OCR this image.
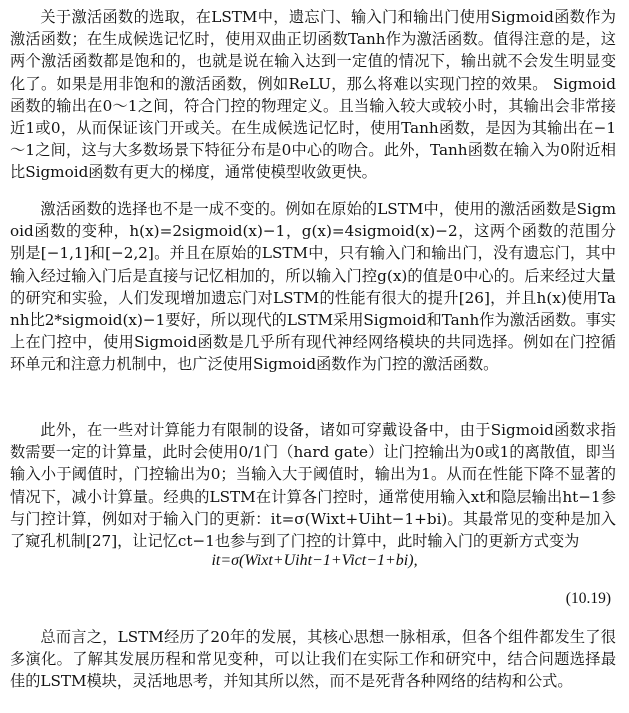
关于激活函数的选取，在LSTM中，遗忘门、输入门和输出门使用Sigmoid函数作为激活函数；在生成候选记忆时，使用双曲正切函数Tanh作为激活函数。值得注意的是，这两个激活函数都是饱和的，也就是说在输入达到一定值的情况下，输出就不会发生明显变化了。如果是用非饱和的激活函数，例如ReLU，那么将难以实现门控的效果。 Sigmoid函数的输出在0～1之间，符合门控的物理定义。且当输入较大或较小时，其输出会非常接近1或0，从而保证该门开或关。在生成候选记忆时，使用Tanh函数，是因为其输出在−1～1之间，这与大多数场景下特征分布是0中心的吻合。此外，Tanh函数在输入为0附近相比Sigmoid函数有更大的梯度，通常使模型收敛更快。

激活函数的选择也不是一成不变的。例如在原始的LSTM中，使用的激活函数是Sigmoid函数的变种，h(x)=2sigmoid(x)−1，g(x)=4sigmoid(x)−2，这两个函数的范围分别是[−1,1]和[−2,2]。并且在原始的LSTM中，只有输入门和输出门，没有遗忘门，其中输入经过输入门后是直接与记忆相加的，所以输入门控g(x)的值是0中心的。后来经过大量的研究和实验，人们发现增加遗忘门对LSTM的性能有很大的提升[26]，并且h(x)使用Tanh比2*sigmoid(x)−1要好，所以现代的LSTM采用Sigmoid和Tanh作为激活函数。事实上在门控中，使用Sigmoid函数是几乎所有现代神经网络模块的共同选择。例如在门控循环单元和注意力机制中，也广泛使用Sigmoid函数作为门控的激活函数。

此外，在一些对计算能力有限制的设备，诸如可穿戴设备中，由于Sigmoid函数求指数需要一定的计算量，此时会使用0/1门（hard gate）让门控输出为0或1的离散值，即当输入小于阈值时，门控输出为0；当输入大于阈值时，输出为1。从而在性能下降不显著的情况下，减小计算量。经典的LSTM在计算各门控时，通常使用输入xt和隐层输出ht−1参与门控计算，例如对于输入门的更新：it=σ(Wixt+Uiht−1+bi)。其最常见的变种是加入了窥孔机制[27]，让记忆ct−1也参与到了门控的计算中，此时输入门的更新方式变为

it=σ(Wixt+Uiht−1+Vict−1+bi),
(10.19)

总而言之，LSTM经历了20年的发展，其核心思想一脉相承，但各个组件都发生了很多演化。了解其发展历程和常见变种，可以让我们在实际工作和研究中，结合问题选择最佳的LSTM模块，灵活地思考，并知其所以然，而不是死背各种网络的结构和公式。
